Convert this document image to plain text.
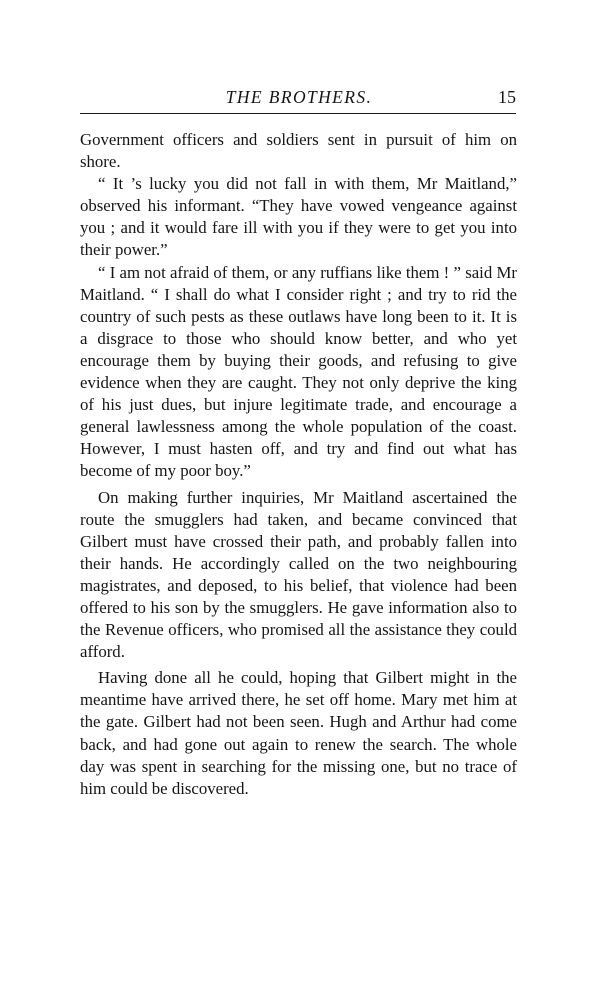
THE BROTHERS.	15

Government officers and soldiers sent in pursuit of him on shore.

“ It ’s lucky you did not fall in with them, Mr Maitland,” observed his informant. “They have vowed vengeance against you ; and it would fare ill with you if they were to get you into their power.”

“ I am not afraid of them, or any ruffians like them ! ” said Mr Maitland. “ I shall do what I consider right ; and try to rid the country of such pests as these outlaws have long been to it. It is a disgrace to those who should know better, and who yet encourage them by buying their goods, and refusing to give evidence when they are caught. They not only deprive the king of his just dues, but injure legitimate trade, and encourage a general lawlessness among the whole population of the coast. However, I must hasten off, and try and find out what has become of my poor boy.”

On making further inquiries, Mr Maitland ascertained the route the smugglers had taken, and became convinced that Gilbert must have crossed their path, and probably fallen into their hands. He accordingly called on the two neighbouring magistrates, and deposed, to his belief, that violence had been offered to his son by the smugglers. He gave information also to the Revenue officers, who promised all the assistance they could afford.

Having done all he could, hoping that Gilbert might in the meantime have arrived there, he set off home. Mary met him at the gate. Gilbert had not been seen. Hugh and Arthur had come back, and had gone out again to renew the search. The whole day was spent in searching for the missing one, but no trace of him could be discovered.
